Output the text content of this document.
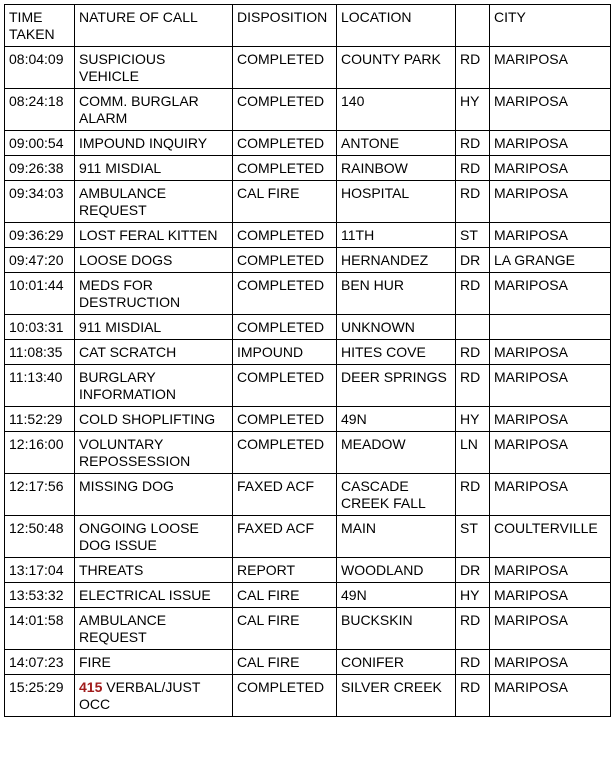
TIME TAKEN	NATURE OF CALL	DISPOSITION	LOCATION		CITY
08:04:09	SUSPICIOUS VEHICLE	COMPLETED	COUNTY PARK	RD	MARIPOSA
08:24:18	COMM. BURGLAR ALARM	COMPLETED	140	HY	MARIPOSA
09:00:54	IMPOUND INQUIRY	COMPLETED	ANTONE	RD	MARIPOSA
09:26:38	911 MISDIAL	COMPLETED	RAINBOW	RD	MARIPOSA
09:34:03	AMBULANCE REQUEST	CAL FIRE	HOSPITAL	RD	MARIPOSA
09:36:29	LOST FERAL KITTEN	COMPLETED	11TH	ST	MARIPOSA
09:47:20	LOOSE DOGS	COMPLETED	HERNANDEZ	DR	LA GRANGE
10:01:44	MEDS FOR DESTRUCTION	COMPLETED	BEN HUR	RD	MARIPOSA
10:03:31	911 MISDIAL	COMPLETED	UNKNOWN		
11:08:35	CAT SCRATCH	IMPOUND	HITES COVE	RD	MARIPOSA
11:13:40	BURGLARY INFORMATION	COMPLETED	DEER SPRINGS	RD	MARIPOSA
11:52:29	COLD SHOPLIFTING	COMPLETED	49N	HY	MARIPOSA
12:16:00	VOLUNTARY REPOSSESSION	COMPLETED	MEADOW	LN	MARIPOSA
12:17:56	MISSING DOG	FAXED ACF	CASCADE CREEK FALL	RD	MARIPOSA
12:50:48	ONGOING LOOSE DOG ISSUE	FAXED ACF	MAIN	ST	COULTERVILLE
13:17:04	THREATS	REPORT	WOODLAND	DR	MARIPOSA
13:53:32	ELECTRICAL ISSUE	CAL FIRE	49N	HY	MARIPOSA
14:01:58	AMBULANCE REQUEST	CAL FIRE	BUCKSKIN	RD	MARIPOSA
14:07:23	FIRE	CAL FIRE	CONIFER	RD	MARIPOSA
15:25:29	415 VERBAL/JUST OCC	COMPLETED	SILVER CREEK	RD	MARIPOSA
